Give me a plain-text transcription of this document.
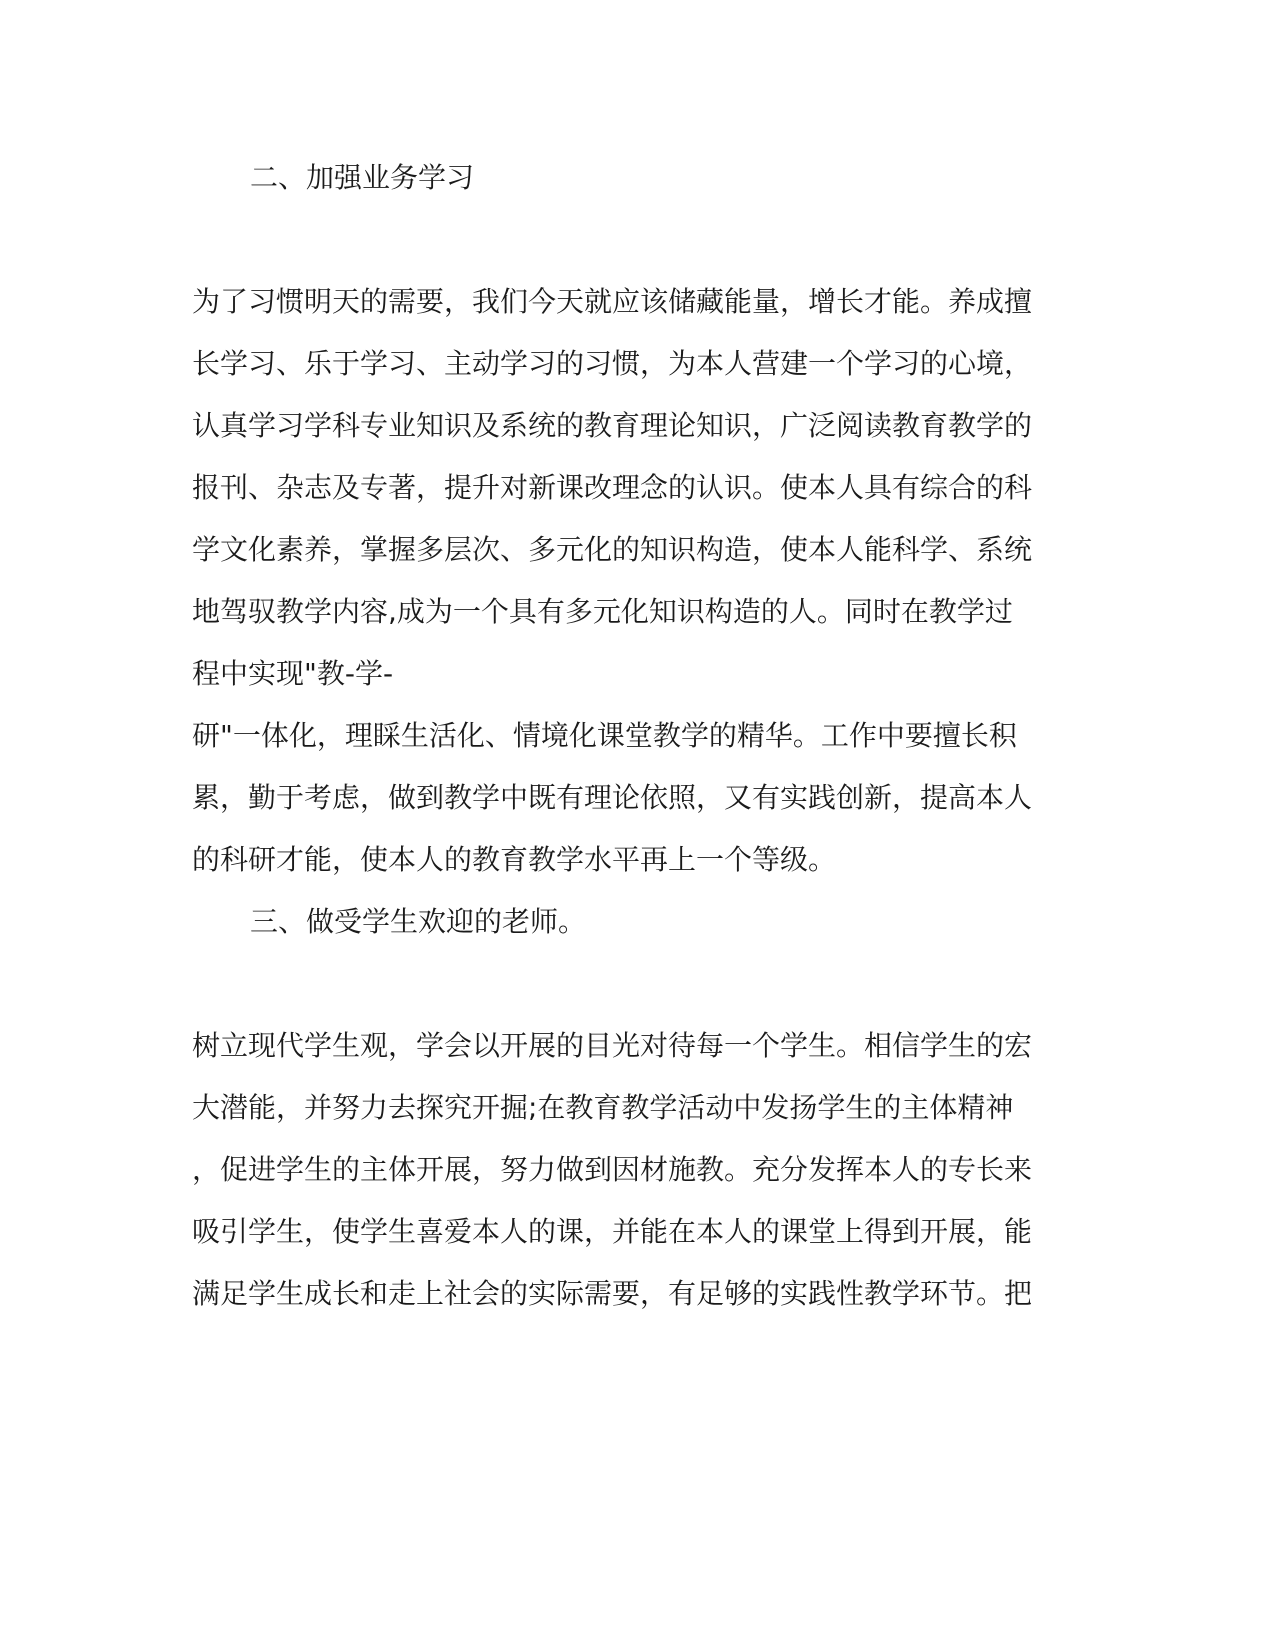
二、加强业务学习

为了习惯明天的需要，我们今天就应该储藏能量，增长才能。养成擅

长学习、乐于学习、主动学习的习惯，为本人营建一个学习的心境，

认真学习学科专业知识及系统的教育理论知识，广泛阅读教育教学的

报刊、杂志及专著，提升对新课改理念的认识。使本人具有综合的科

学文化素养，掌握多层次、多元化的知识构造，使本人能科学、系统

地驾驭教学内容,成为一个具有多元化知识构造的人。同时在教学过

程中实现"教-学-

研"一体化，理睬生活化、情境化课堂教学的精华。工作中要擅长积

累，勤于考虑，做到教学中既有理论依照，又有实践创新，提高本人

的科研才能，使本人的教育教学水平再上一个等级。

三、做受学生欢迎的老师。

树立现代学生观，学会以开展的目光对待每一个学生。相信学生的宏

大潜能，并努力去探究开掘;在教育教学活动中发扬学生的主体精神

，促进学生的主体开展，努力做到因材施教。充分发挥本人的专长来

吸引学生，使学生喜爱本人的课，并能在本人的课堂上得到开展，能

满足学生成长和走上社会的实际需要，有足够的实践性教学环节。把
